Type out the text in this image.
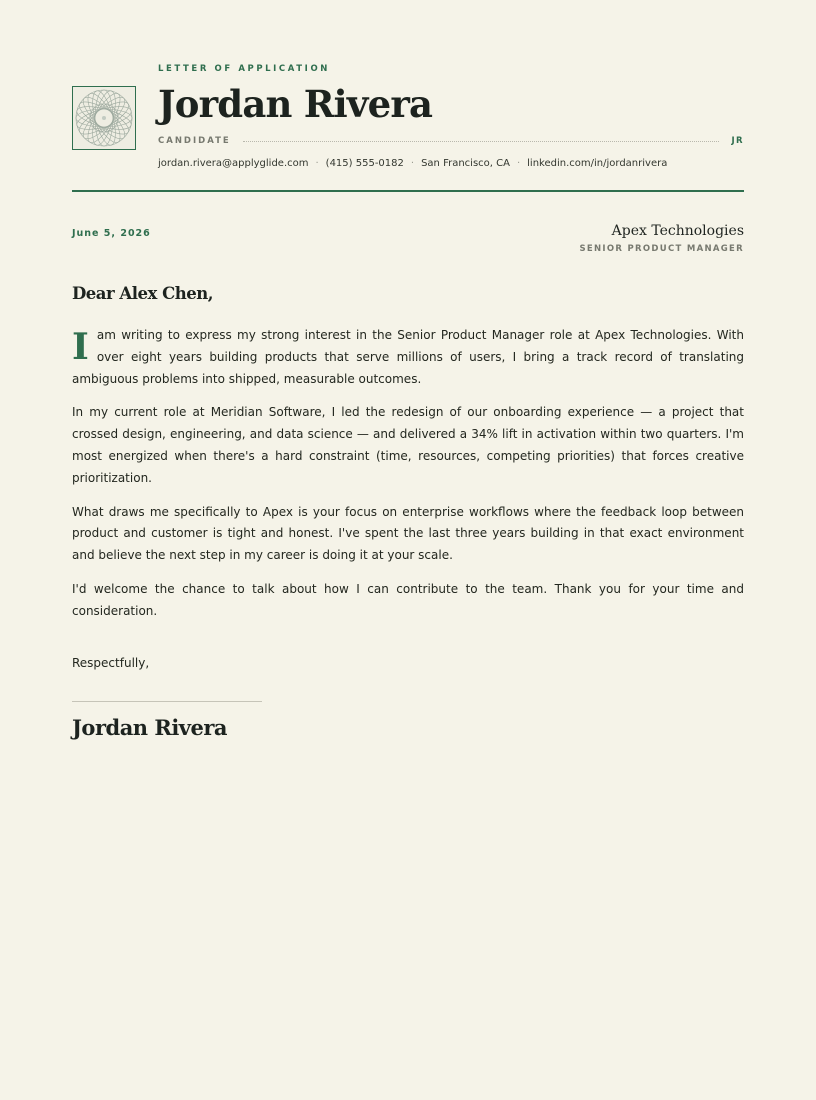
LETTER OF APPLICATION
Jordan Rivera
CANDIDATE	JR
jordan.rivera@applyglide.com · (415) 555-0182 · San Francisco, CA · linkedin.com/in/jordanrivera
June 5, 2026	Apex Technologies
SENIOR PRODUCT MANAGER
Dear Alex Chen,

Iam writing to express my strong interest in the Senior Product Manager role at Apex Technologies. With over eight years building products that serve millions of users, I bring a track record of translating ambiguous problems into shipped, measurable outcomes.

In my current role at Meridian Software, I led the redesign of our onboarding experience — a project that crossed design, engineering, and data science — and delivered a 34% lift in activation within two quarters. I'm most energized when there's a hard constraint (time, resources, competing priorities) that forces creative prioritization.

What draws me specifically to Apex is your focus on enterprise workflows where the feedback loop between product and customer is tight and honest. I've spent the last three years building in that exact environment and believe the next step in my career is doing it at your scale.

I'd welcome the chance to talk about how I can contribute to the team. Thank you for your time and consideration.

Respectfully,
Jordan Rivera
